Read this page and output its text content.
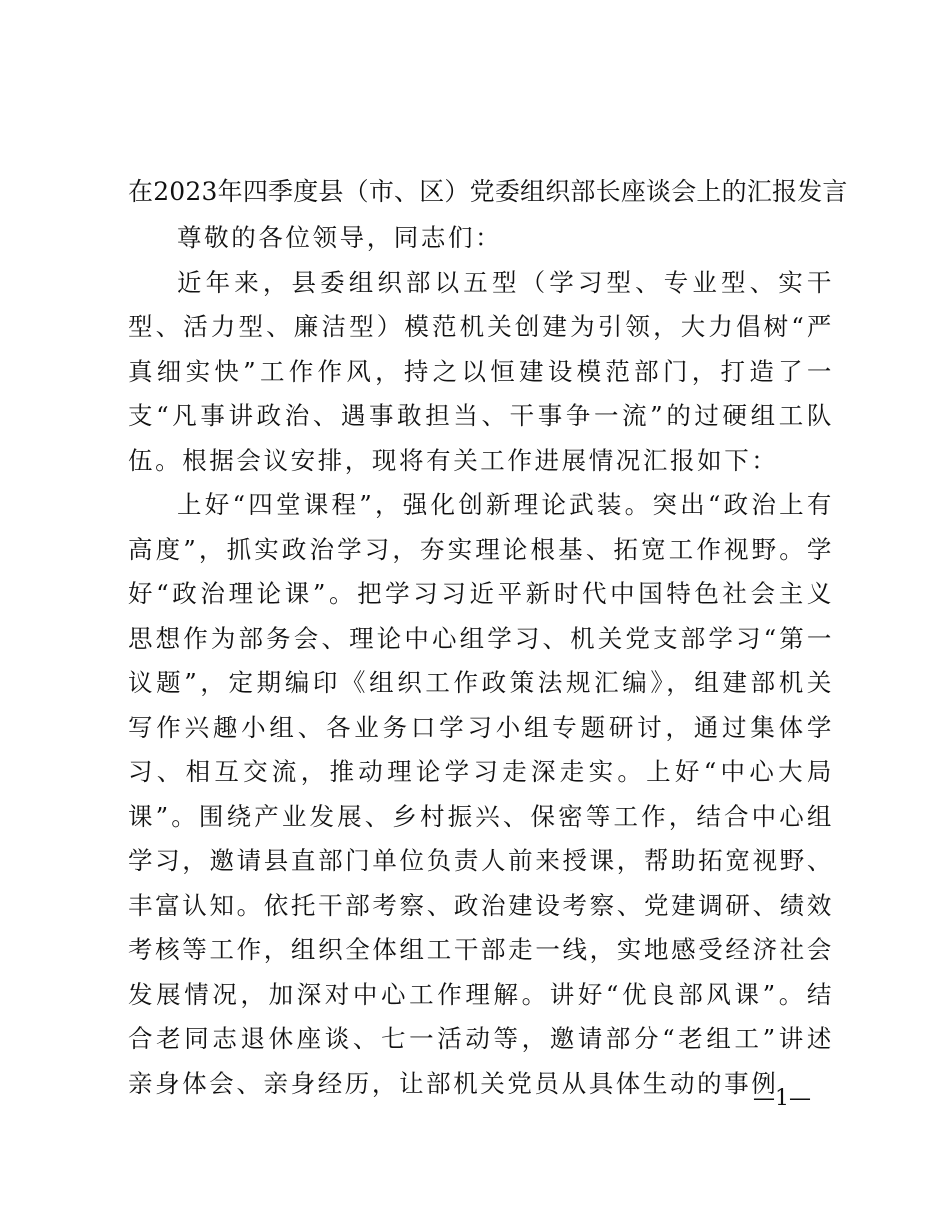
在2023年四季度县（市、区）党委组织部长座谈会上的汇报发言

尊敬的各位领导，同志们：

近年来，县委组织部以五型（学习型、专业型、实干型、活力型、廉洁型）模范机关创建为引领，大力倡树“严真细实快”工作作风，持之以恒建设模范部门，打造了一支“凡事讲政治、遇事敢担当、干事争一流”的过硬组工队伍。根据会议安排，现将有关工作进展情况汇报如下：

上好“四堂课程”，强化创新理论武装。突出“政治上有高度”，抓实政治学习，夯实理论根基、拓宽工作视野。学好“政治理论课”。把学习习近平新时代中国特色社会主义思想作为部务会、理论中心组学习、机关党支部学习“第一议题”，定期编印《组织工作政策法规汇编》，组建部机关写作兴趣小组、各业务口学习小组专题研讨，通过集体学习、相互交流，推动理论学习走深走实。上好“中心大局课”。围绕产业发展、乡村振兴、保密等工作，结合中心组学习，邀请县直部门单位负责人前来授课，帮助拓宽视野、丰富认知。依托干部考察、政治建设考察、党建调研、绩效考核等工作，组织全体组工干部走一线，实地感受经济社会发展情况，加深对中心工作理解。讲好“优良部风课”。结合老同志退休座谈、七一活动等，邀请部分“老组工”讲述亲身体会、亲身经历，让部机关党员从具体生动的事例

—1—
